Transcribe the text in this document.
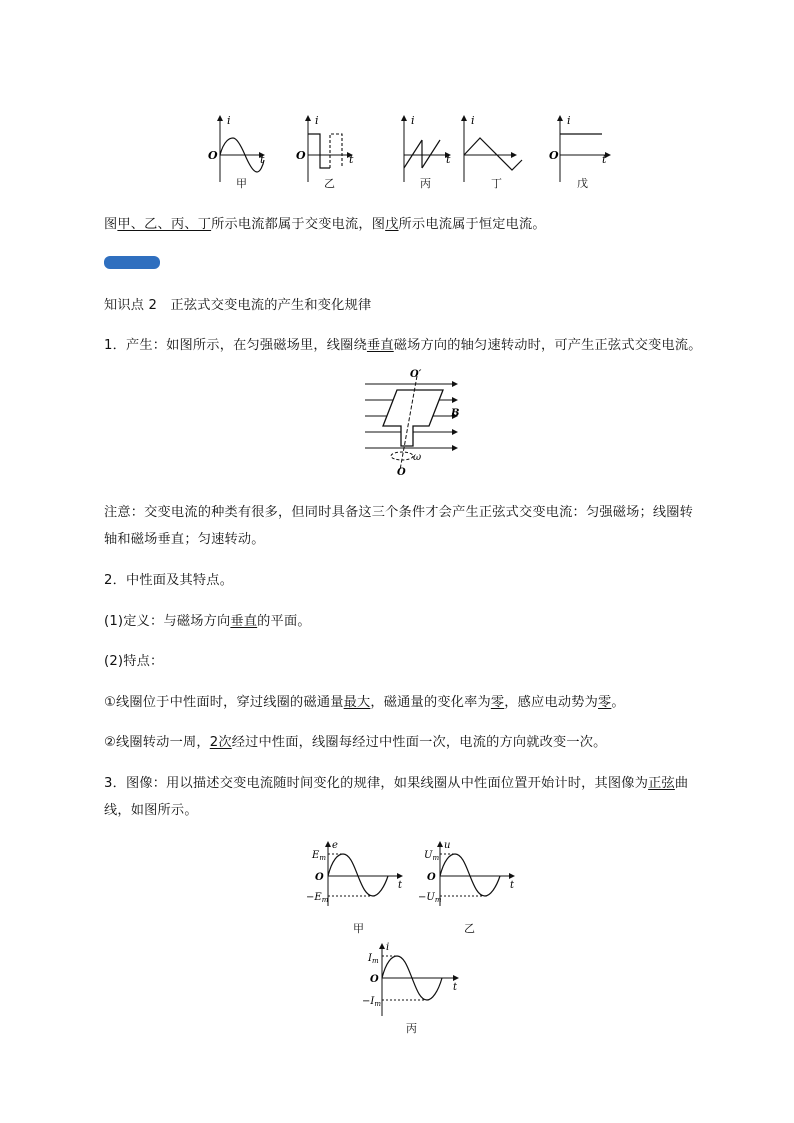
i
t
O
i
t
O
i
t
i	i
t
O
甲	乙	丙	丁	戊
图甲、乙、丙、丁所示电流都属于交变电流，图戊所示电流属于恒定电流。
知识点 2　正弦式交变电流的产生和变化规律
1．产生：如图所示，在匀强磁场里，线圈绕垂直磁场方向的轴匀速转动时，可产生正弦式交变电流。
O′
B
ω
O
注意：交变电流的种类有很多，但同时具备这三个条件才会产生正弦式交变电流：匀强磁场；线圈转
轴和磁场垂直；匀速转动。
2．中性面及其特点。
(1)定义：与磁场方向垂直的平面。
(2)特点：
①线圈位于中性面时，穿过线圈的磁通量最大，磁通量的变化率为零，感应电动势为零。
②线圈转动一周，2次经过中性面，线圈每经过中性面一次，电流的方向就改变一次。
3．图像：用以描述交变电流随时间变化的规律，如果线圈从中性面位置开始计时，其图像为正弦曲
线，如图所示。
e
t
O
$E_m$
$-E_m$
u
t
O
$U_m$
$-U_m$
i
t
O
$I_m$
$-I_m$
甲	乙
丙
